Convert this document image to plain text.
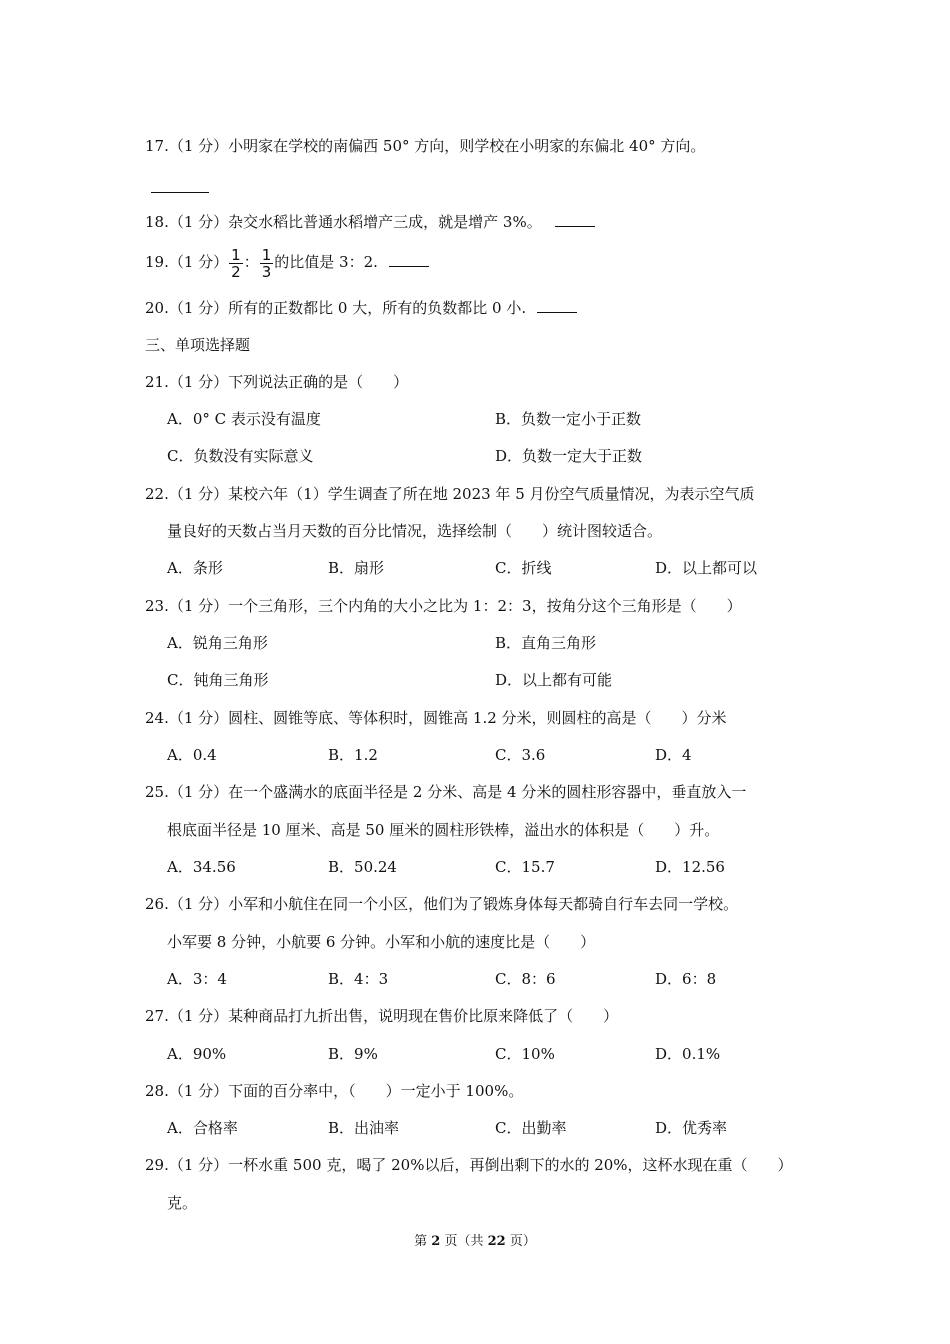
17.（1 分）小明家在学校的南偏西 50° 方向，则学校在小明家的东偏北 40° 方向。
18.（1 分）杂交水稻比普通水稻增产三成，就是增产 3%。
19.（1 分） $\frac{1}{2}$ ： $\frac{1}{3}$ 的比值是 3：2.
20.（1 分）所有的正数都比 0 大，所有的负数都比 0 小.
三、单项选择题
21.（1 分）下列说法正确的是（　　）
A．0° C 表示没有温度	B．负数一定小于正数
C．负数没有实际意义	D．负数一定大于正数
22.（1 分）某校六年（1）学生调查了所在地 2023 年 5 月份空气质量情况，为表示空气质
量良好的天数占当月天数的百分比情况，选择绘制（　　）统计图较适合。
A．条形	B．扇形	C．折线	D．以上都可以
23.（1 分）一个三角形，三个内角的大小之比为 1：2：3，按角分这个三角形是（　　）
A．锐角三角形	B．直角三角形
C．钝角三角形	D．以上都有可能
24.（1 分）圆柱、圆锥等底、等体积时，圆锥高 1.2 分米，则圆柱的高是（　　）分米
A．0.4	B．1.2	C．3.6	D．4
25.（1 分）在一个盛满水的底面半径是 2 分米、高是 4 分米的圆柱形容器中，垂直放入一
根底面半径是 10 厘米、高是 50 厘米的圆柱形铁棒，溢出水的体积是（　　）升。
A．34.56	B．50.24	C．15.7	D．12.56
26.（1 分）小军和小航住在同一个小区，他们为了锻炼身体每天都骑自行车去同一学校。
小军要 8 分钟，小航要 6 分钟。小军和小航的速度比是（　　）
A．3：4	B．4：3	C．8：6	D．6：8
27.（1 分）某种商品打九折出售，说明现在售价比原来降低了（　　）
A．90%	B．9%	C．10%	D．0.1%
28.（1 分）下面的百分率中，（　　）一定小于 100%。
A．合格率	B．出油率	C．出勤率	D．优秀率
29.（1 分）一杯水重 500 克，喝了 20%以后，再倒出剩下的水的 20%，这杯水现在重（　　）
克。
第 2 页（共 22 页）
